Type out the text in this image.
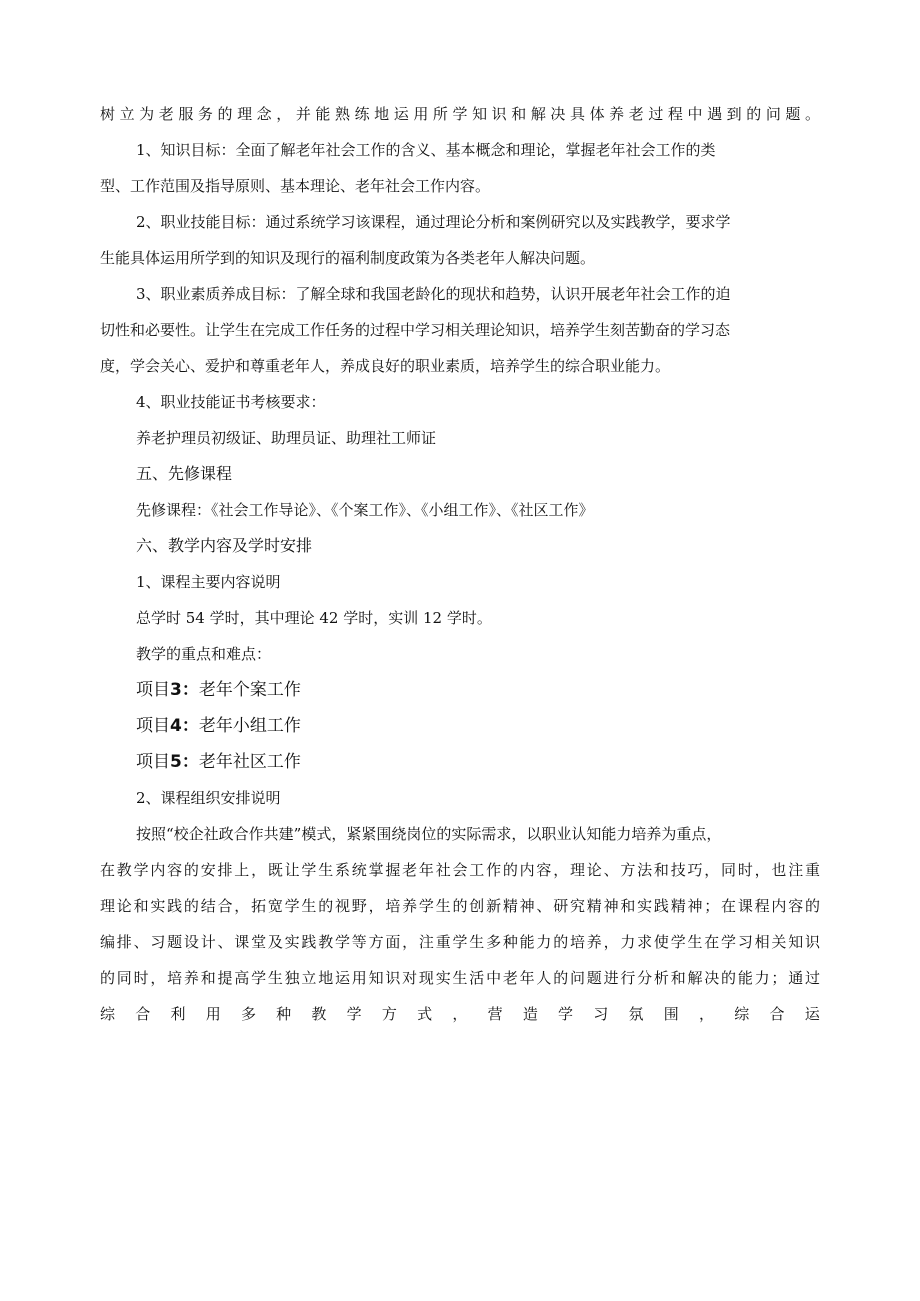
树立为老服务的理念，并能熟练地运用所学知识和解决具体养老过程中遇到的问题。

1、知识目标：全面了解老年社会工作的含义、基本概念和理论，掌握老年社会工作的类

型、工作范围及指导原则、基本理论、老年社会工作内容。

2、职业技能目标：通过系统学习该课程，通过理论分析和案例研究以及实践教学，要求学

生能具体运用所学到的知识及现行的福利制度政策为各类老年人解决问题。

3、职业素质养成目标：了解全球和我国老龄化的现状和趋势，认识开展老年社会工作的迫

切性和必要性。让学生在完成工作任务的过程中学习相关理论知识，培养学生刻苦勤奋的学习态

度，学会关心、爱护和尊重老年人，养成良好的职业素质，培养学生的综合职业能力。

4、职业技能证书考核要求：

养老护理员初级证、助理员证、助理社工师证

五、先修课程

先修课程：《社会工作导论》、《个案工作》、《小组工作》、《社区工作》

六、教学内容及学时安排

1、课程主要内容说明

总学时 54 学时，其中理论 42 学时，实训 12 学时。

教学的重点和难点：

项目3：老年个案工作

项目4：老年小组工作

项目5：老年社区工作

2、课程组织安排说明

按照“校企社政合作共建”模式，紧紧围绕岗位的实际需求，以职业认知能力培养为重点，

在教学内容的安排上，既让学生系统掌握老年社会工作的内容，理论、方法和技巧，同时，也注重

理论和实践的结合，拓宽学生的视野，培养学生的创新精神、研究精神和实践精神；在课程内容的

编排、习题设计、课堂及实践教学等方面，注重学生多种能力的培养，力求使学生在学习相关知识

的同时，培养和提高学生独立地运用知识对现实生活中老年人的问题进行分析和解决的能力；通过

综 合 利 用 多 种 教 学 方 式 ， 营 造 学 习 氛 围 ， 综 合 运
